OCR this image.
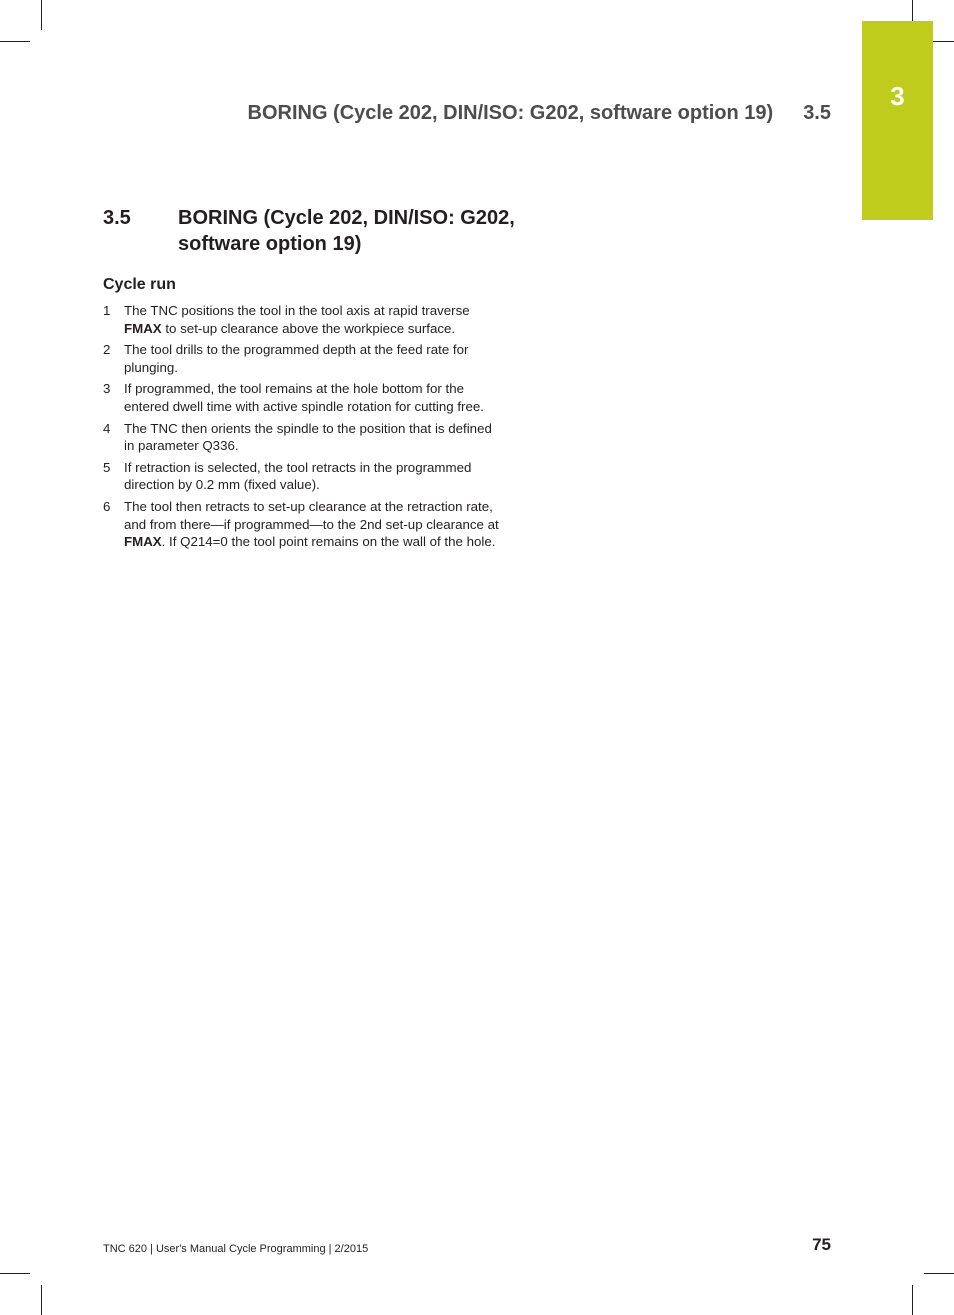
3
BORING (Cycle 202, DIN/ISO: G202, software option 19) 3.5
3.5 BORING (Cycle 202, DIN/ISO: G202,
software option 19)
Cycle run
1 The TNC positions the tool in the tool axis at rapid traverse
FMAX to set-up clearance above the workpiece surface.
2 The tool drills to the programmed depth at the feed rate for
plunging.
3 If programmed, the tool remains at the hole bottom for the
entered dwell time with active spindle rotation for cutting free.
4 The TNC then orients the spindle to the position that is defined
in parameter Q336.
5 If retraction is selected, the tool retracts in the programmed
direction by 0.2 mm (fixed value).
6 The tool then retracts to set-up clearance at the retraction rate,
and from there—if programmed—to the 2nd set-up clearance at
FMAX. If Q214=0 the tool point remains on the wall of the hole.
TNC 620 | User's Manual Cycle Programming | 2/2015	75
